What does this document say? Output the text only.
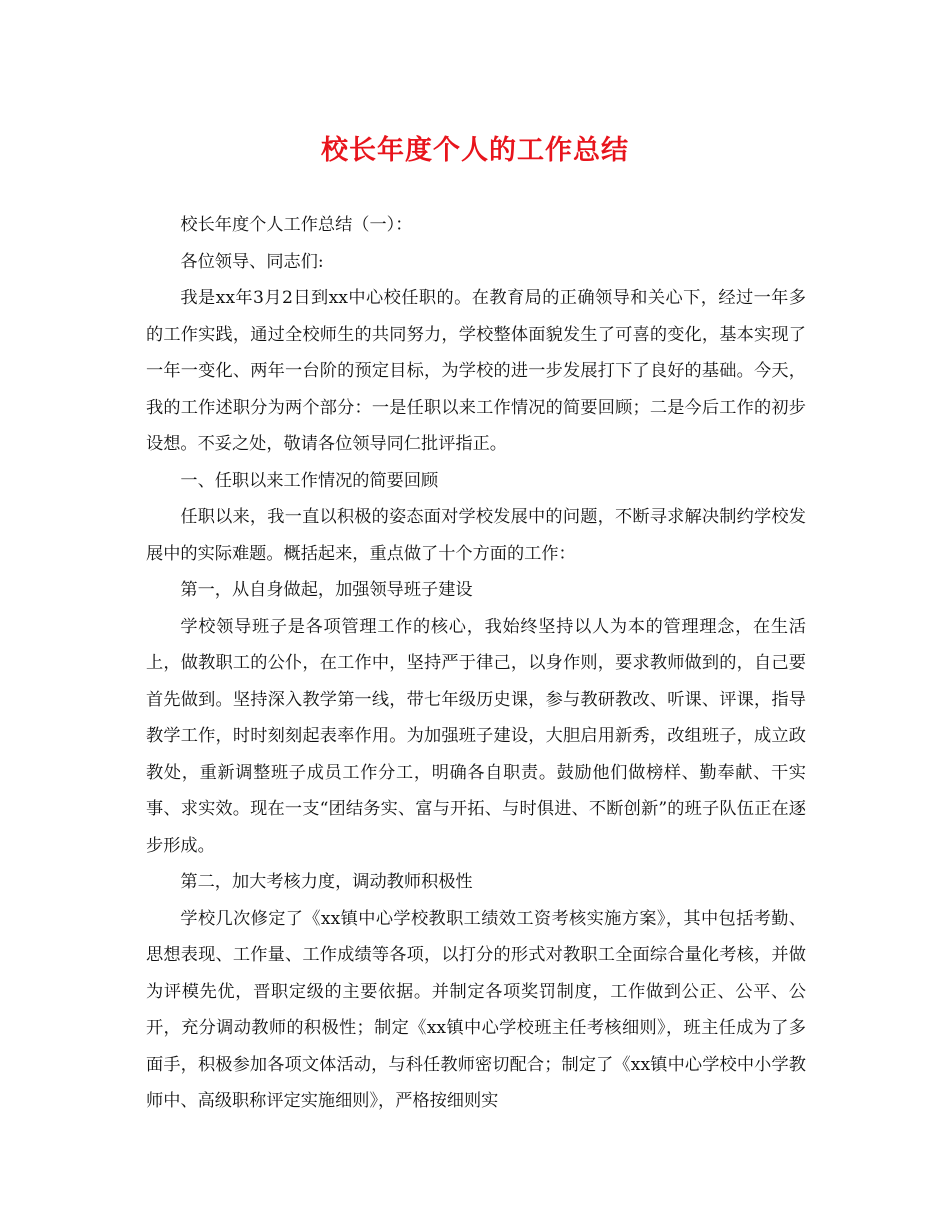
校长年度个人的工作总结

校长年度个人工作总结（一）：

各位领导、同志们:

我是xx年3月2日到xx中心校任职的。在教育局的正确领导和关心下，经过一年多的工作实践，通过全校师生的共同努力，学校整体面貌发生了可喜的变化，基本实现了一年一变化、两年一台阶的预定目标，为学校的进一步发展打下了良好的基础。今天，我的工作述职分为两个部分：一是任职以来工作情况的简要回顾；二是今后工作的初步设想。不妥之处，敬请各位领导同仁批评指正。

一、任职以来工作情况的简要回顾

任职以来，我一直以积极的姿态面对学校发展中的问题，不断寻求解决制约学校发展中的实际难题。概括起来，重点做了十个方面的工作：

第一，从自身做起，加强领导班子建设

学校领导班子是各项管理工作的核心，我始终坚持以人为本的管理理念，在生活上，做教职工的公仆，在工作中，坚持严于律己，以身作则，要求教师做到的，自己要首先做到。坚持深入教学第一线，带七年级历史课，参与教研教改、听课、评课，指导教学工作，时时刻刻起表率作用。为加强班子建设，大胆启用新秀，改组班子，成立政教处，重新调整班子成员工作分工，明确各自职责。鼓励他们做榜样、勤奉献、干实事、求实效。现在一支“团结务实、富与开拓、与时俱进、不断创新”的班子队伍正在逐步形成。

第二，加大考核力度，调动教师积极性

学校几次修定了《xx镇中心学校教职工绩效工资考核实施方案》，其中包括考勤、思想表现、工作量、工作成绩等各项，以打分的形式对教职工全面综合量化考核，并做为评模先优，晋职定级的主要依据。并制定各项奖罚制度，工作做到公正、公平、公开，充分调动教师的积极性；制定《xx镇中心学校班主任考核细则》，班主任成为了多面手，积极参加各项文体活动，与科任教师密切配合；制定了《xx镇中心学校中小学教师中、高级职称评定实施细则》，严格按细则实
